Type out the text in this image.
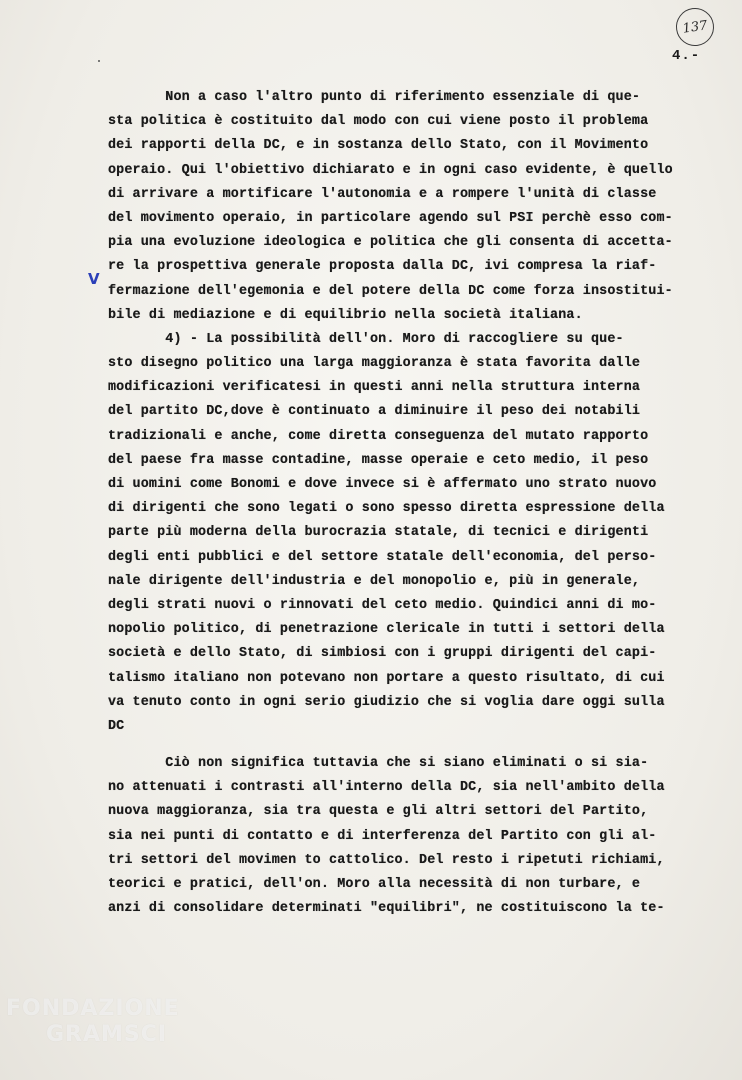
137
4.-
V
Non a caso l'altro punto di riferimento essenziale di que-
sta politica è costituito dal modo con cui viene posto il problema
dei rapporti della DC, e in sostanza dello Stato, con il Movimento
operaio. Qui l'obiettivo dichiarato e in ogni caso evidente, è quello
di arrivare a mortificare l'autonomia e a rompere l'unità di classe
del movimento operaio, in particolare agendo sul PSI perchè esso com-
pia una evoluzione ideologica e politica che gli consenta di accetta-
re la prospettiva generale proposta dalla DC, ivi compresa la riaf-
fermazione dell'egemonia e del potere della DC come forza insostitui-
bile di mediazione e di equilibrio nella società italiana.
4) - La possibilità dell'on. Moro di raccogliere su que-
sto disegno politico una larga maggioranza è stata favorita dalle
modificazioni verificatesi in questi anni nella struttura interna
del partito DC,dove è continuato a diminuire il peso dei notabili
tradizionali e anche, come diretta conseguenza del mutato rapporto
del paese fra masse contadine, masse operaie e ceto medio, il peso
di uomini come Bonomi e dove invece si è affermato uno strato nuovo
di dirigenti che sono legati o sono spesso diretta espressione della
parte più moderna della burocrazia statale, di tecnici e dirigenti
degli enti pubblici e del settore statale dell'economia, del perso-
nale dirigente dell'industria e del monopolio e, più in generale,
degli strati nuovi o rinnovati del ceto medio. Quindici anni di mo-
nopolio politico, di penetrazione clericale in tutti i settori della
società e dello Stato, di simbiosi con i gruppi dirigenti del capi-
talismo italiano non potevano non portare a questo risultato, di cui
va tenuto conto in ogni serio giudizio che si voglia dare oggi sulla
DC
Ciò non significa tuttavia che si siano eliminati o si sia-
no attenuati i contrasti all'interno della DC, sia nell'ambito della
nuova maggioranza, sia tra questa e gli altri settori del Partito,
sia nei punti di contatto e di interferenza del Partito con gli al-
tri settori del movimen to cattolico. Del resto i ripetuti richiami,
teorici e pratici, dell'on. Moro alla necessità di non turbare, e
anzi di consolidare determinati "equilibri", ne costituiscono la te-
FONDAZIONE
GRAMSCI
